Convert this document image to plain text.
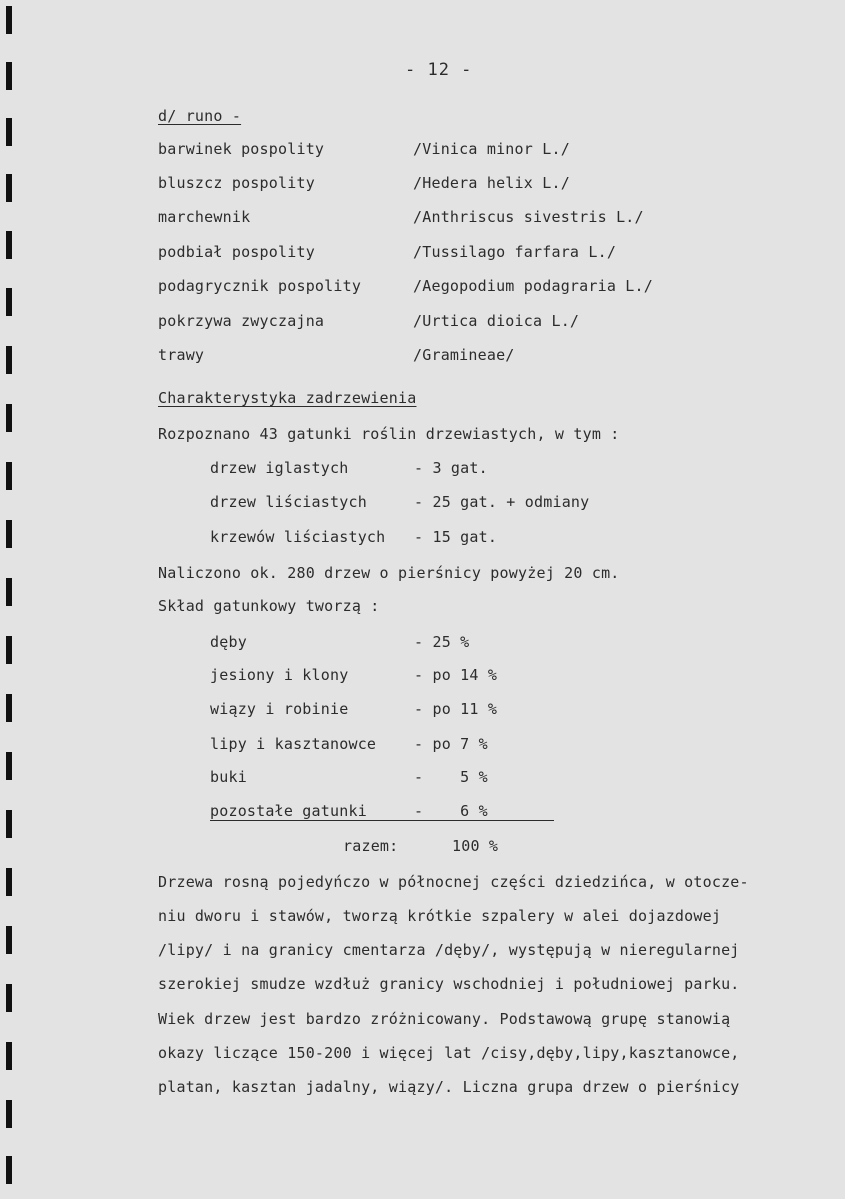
- 12 -
d/ runo -
barwinek pospolity	/Vinica minor L./
bluszcz pospolity	/Hedera helix L./
marchewnik	/Anthriscus sivestris L./
podbiał pospolity	/Tussilago farfara L./
podagrycznik pospolity	/Aegopodium podagraria L./
pokrzywa zwyczajna	/Urtica dioica L./
trawy	/Gramineae/
Charakterystyka zadrzewienia
Rozpoznano 43 gatunki roślin drzewiastych, w tym :
drzew iglastych	- 3 gat.
drzew liściastych	- 25 gat. + odmiany
krzewów liściastych - 15 gat.
Naliczono ok. 280 drzew o pierśnicy powyżej 20 cm.
Skład gatunkowy tworzą :
dęby	- 25 %
jesiony i klony	- po 14 %
wiązy i robinie	- po 11 %
lipy i kasztanowce	- po 7 %
buki	-    5 %
pozostałe gatunki	-    6 %
razem:	100 %
Drzewa rosną pojedyńczo w północnej części dziedzińca, w otocze-
niu dworu i stawów, tworzą krótkie szpalery w alei dojazdowej
/lipy/ i na granicy cmentarza /dęby/, występują w nieregularnej
szerokiej smudze wzdłuż granicy wschodniej i południowej parku.
Wiek drzew jest bardzo zróżnicowany. Podstawową grupę stanowią
okazy liczące 150-200 i więcej lat /cisy,dęby,lipy,kasztanowce,
platan, kasztan jadalny, wiązy/. Liczna grupa drzew o pierśnicy
